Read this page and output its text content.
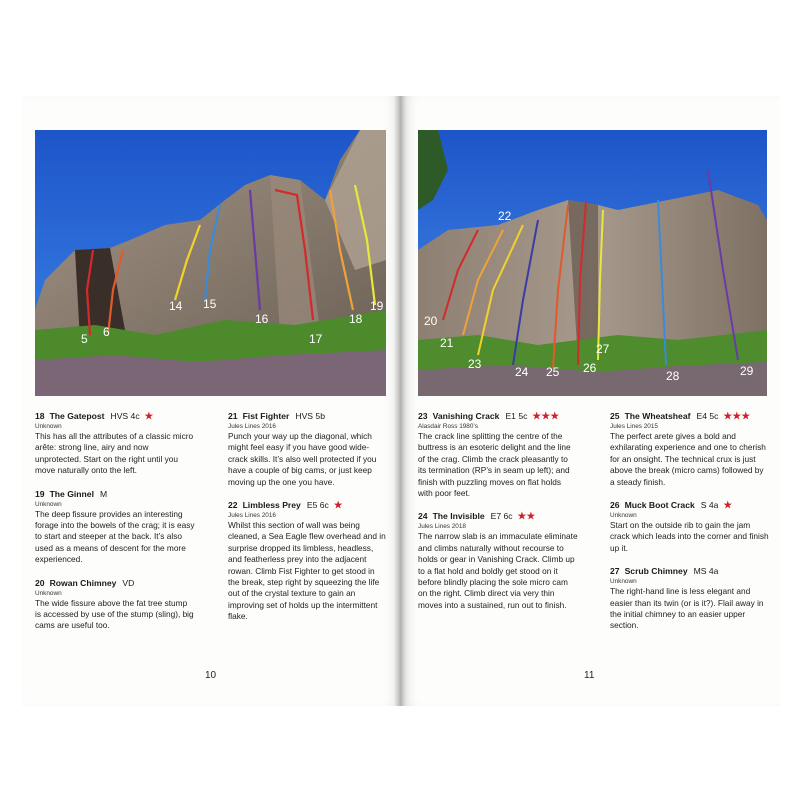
5 6
14 15
16
17
18
19
20
21
22
23
24 25 26
27
28	29
18 The Gatepost HVS 4c ★
Unknown
This has all the attributes of a classic micro arête: strong line, airy and now unprotected. Start on the right until you move naturally onto the left.
19 The Ginnel M
Unknown
The deep fissure provides an interesting forage into the bowels of the crag; it is easy to start and steeper at the back. It’s also used as a means of descent for the more experienced.
20 Rowan Chimney VD
Unknown
The wide fissure above the fat tree stump is accessed by use of the stump (sling), big cams are useful too.
21 Fist Fighter HVS 5b
Jules Lines 2016
Punch your way up the diagonal, which might feel easy if you have good wide-crack skills. It’s also well protected if you have a couple of big cams, or just keep moving up the one you have.
22 Limbless Prey E5 6c ★
Jules Lines 2016
Whilst this section of wall was being cleaned, a Sea Eagle flew overhead and in surprise dropped its limbless, headless, and featherless prey into the adjacent rowan. Climb Fist Fighter to get stood in the break, step right by squeezing the life out of the crystal texture to gain an improving set of holds up the intermittent flake.
23 Vanishing Crack E1 5c ★★★
Alasdair Ross 1980’s
The crack line splitting the centre of the buttress is an esoteric delight and the line of the crag. Climb the crack pleasantly to its termination (RP’s in seam up left); and finish with puzzling moves on flat holds with poor feet.
24 The Invisible E7 6c ★★
Jules Lines 2018
The narrow slab is an immaculate eliminate and climbs naturally without recourse to holds or gear in Vanishing Crack. Climb up to a flat hold and boldly get stood on it before blindly placing the sole micro cam on the right. Climb direct via very thin moves into a sustained, run out to finish.
25 The Wheatsheaf E4 5c ★★★
Jules Lines 2015
The perfect arete gives a bold and exhilarating experience and one to cherish for an onsight. The technical crux is just above the break (micro cams) followed by a steady finish.
26 Muck Boot Crack S 4a ★
Unknown
Start on the outside rib to gain the jam crack which leads into the corner and finish up it.
27 Scrub Chimney MS 4a
Unknown
The right-hand line is less elegant and easier than its twin (or is it?). Flail away in the initial chimney to an easier upper section.
10	11
